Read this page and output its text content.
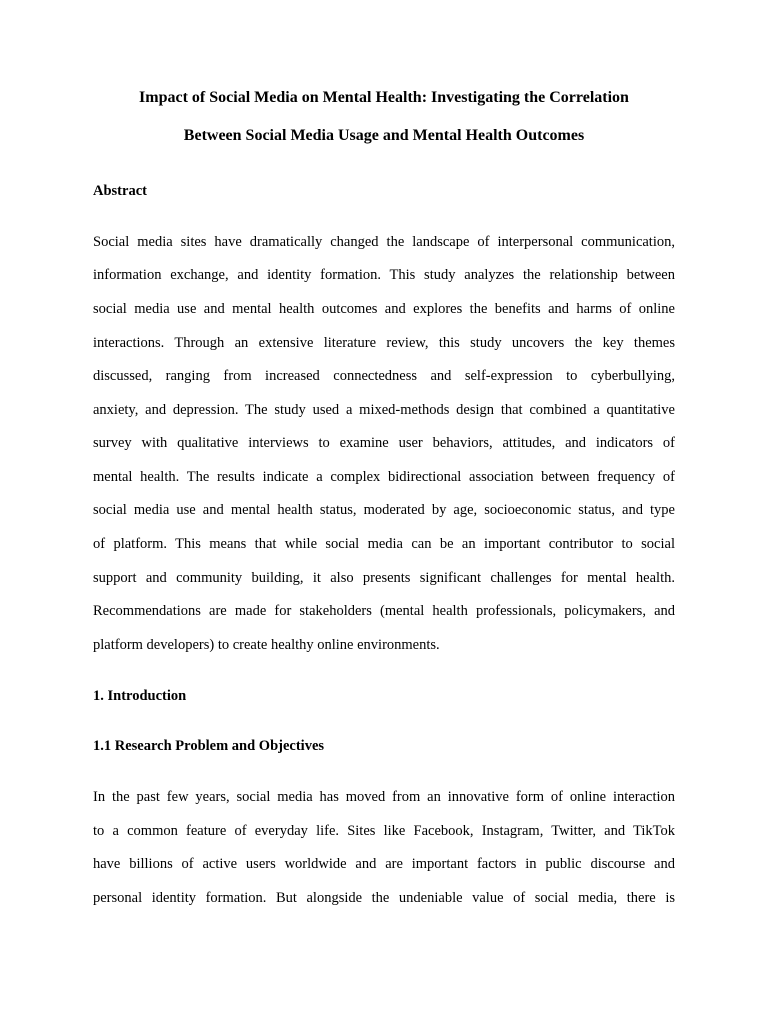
Impact of Social Media on Mental Health: Investigating the Correlation
Between Social Media Usage and Mental Health Outcomes
Abstract
Social media sites have dramatically changed the landscape of interpersonal communication,
information exchange, and identity formation. This study analyzes the relationship between
social media use and mental health outcomes and explores the benefits and harms of online
interactions. Through an extensive literature review, this study uncovers the key themes
discussed, ranging from increased connectedness and self-expression to cyberbullying,
anxiety, and depression. The study used a mixed-methods design that combined a quantitative
survey with qualitative interviews to examine user behaviors, attitudes, and indicators of
mental health. The results indicate a complex bidirectional association between frequency of
social media use and mental health status, moderated by age, socioeconomic status, and type
of platform. This means that while social media can be an important contributor to social
support and community building, it also presents significant challenges for mental health.
Recommendations are made for stakeholders (mental health professionals, policymakers, and
platform developers) to create healthy online environments.
1. Introduction
1.1 Research Problem and Objectives
In the past few years, social media has moved from an innovative form of online interaction
to a common feature of everyday life. Sites like Facebook, Instagram, Twitter, and TikTok
have billions of active users worldwide and are important factors in public discourse and
personal identity formation. But alongside the undeniable value of social media, there is
